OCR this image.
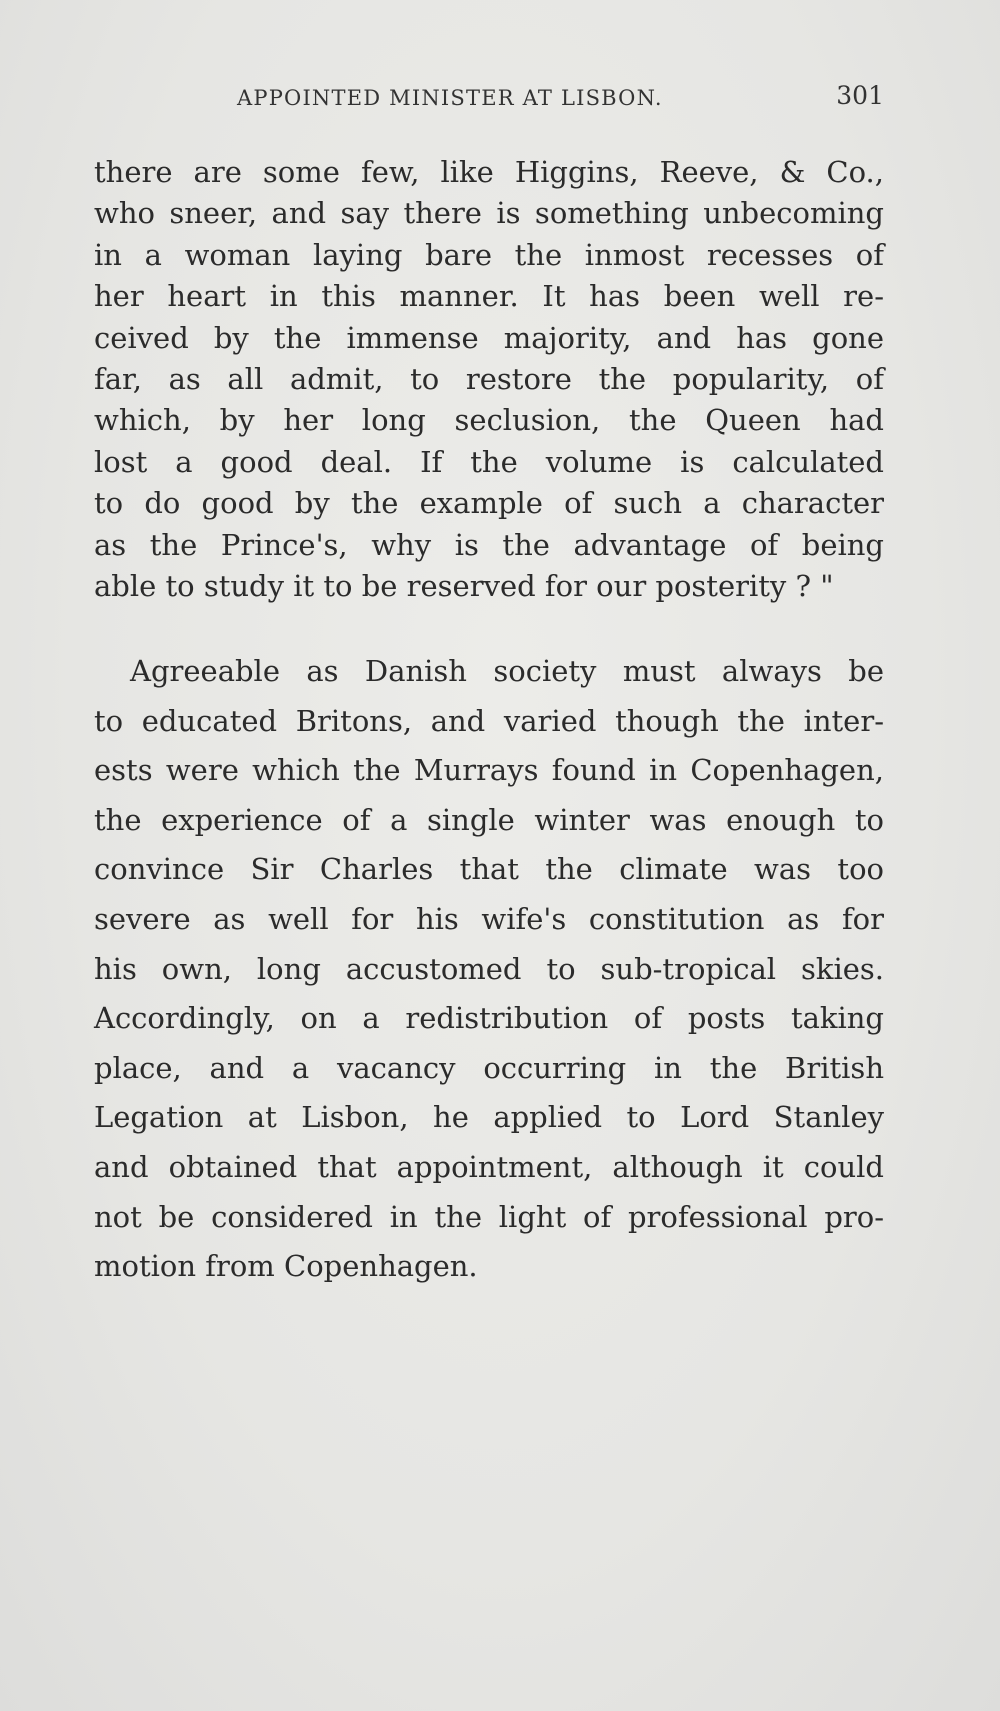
APPOINTED MINISTER AT LISBON.	301
there are some few, like Higgins, Reeve, & Co.,
who sneer, and say there is something unbecoming
in a woman laying bare the inmost recesses of
her heart in this manner. It has been well re-
ceived by the immense majority, and has gone
far, as all admit, to restore the popularity, of
which, by her long seclusion, the Queen had
lost a good deal. If the volume is calculated
to do good by the example of such a character
as the Prince's, why is the advantage of being
able to study it to be reserved for our posterity ? "
Agreeable as Danish society must always be
to educated Britons, and varied though the inter-
ests were which the Murrays found in Copenhagen,
the experience of a single winter was enough to
convince Sir Charles that the climate was too
severe as well for his wife's constitution as for
his own, long accustomed to sub-tropical skies.
Accordingly, on a redistribution of posts taking
place, and a vacancy occurring in the British
Legation at Lisbon, he applied to Lord Stanley
and obtained that appointment, although it could
not be considered in the light of professional pro-
motion from Copenhagen.
